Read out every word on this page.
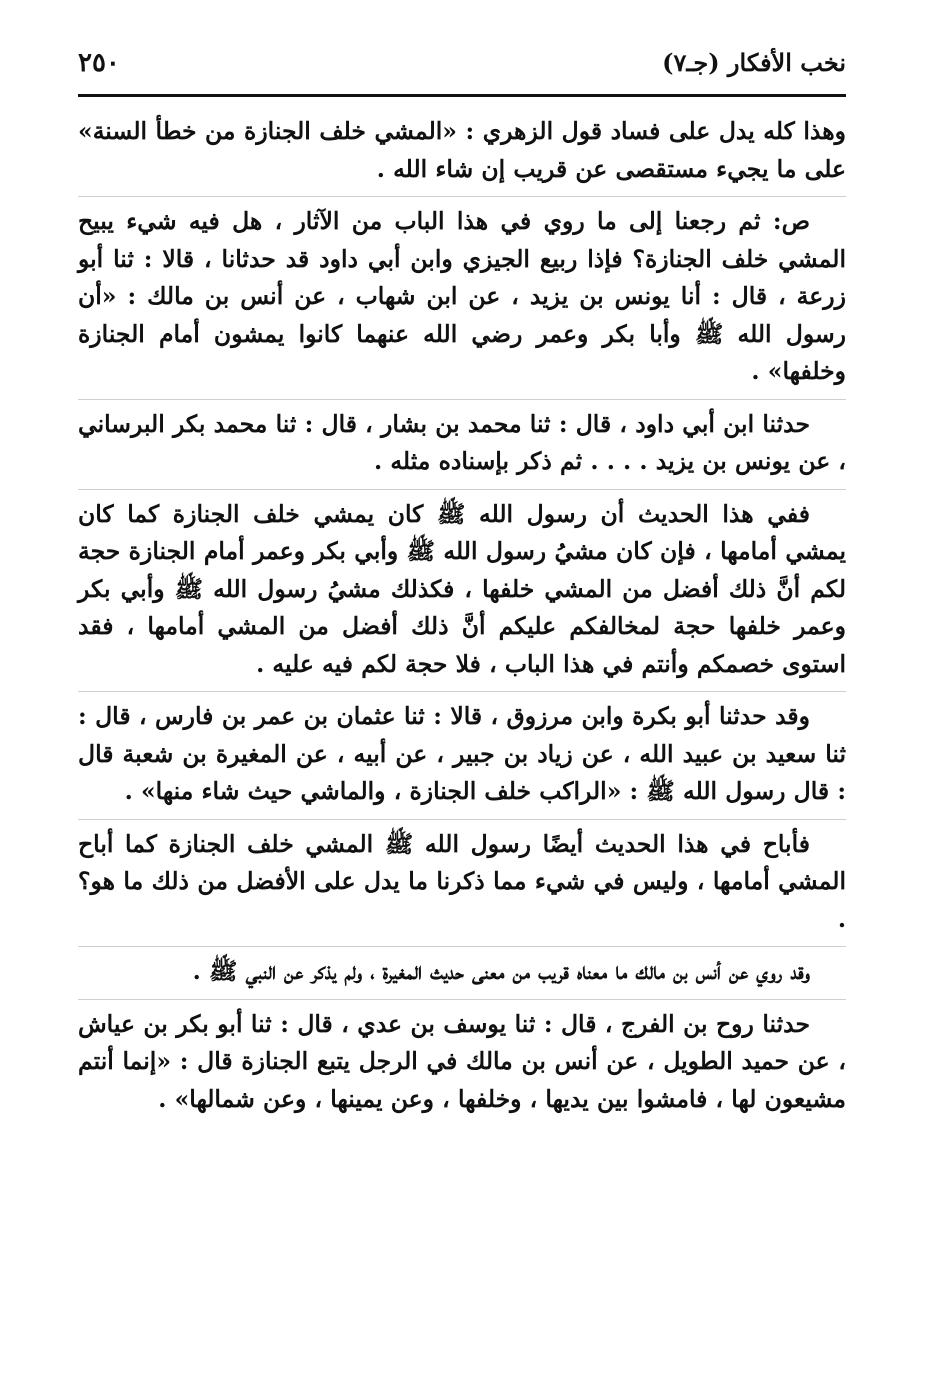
نخب الأفكار (جـ٧)
٢٥٠

وهذا كله يدل على فساد قول الزهري : «المشي خلف الجنازة من خطأ السنة» على ما يجيء مستقصى عن قريب إن شاء الله .

ص: ثم رجعنا إلى ما روي في هذا الباب من الآثار ، هل فيه شيء يبيح المشي خلف الجنازة؟ فإذا ربيع الجيزي وابن أبي داود قد حدثانا ، قالا : ثنا أبو زرعة ، قال : أنا يونس بن يزيد ، عن ابن شهاب ، عن أنس بن مالك : «أن رسول الله ﷺ وأبا بكر وعمر رضي الله عنهما كانوا يمشون أمام الجنازة وخلفها» .

حدثنا ابن أبي داود ، قال : ثنا محمد بن بشار ، قال : ثنا محمد بكر البرساني ، عن يونس بن يزيد . . . . ثم ذكر بإسناده مثله .

ففي هذا الحديث أن رسول الله ﷺ كان يمشي خلف الجنازة كما كان يمشي أمامها ، فإن كان مشيُ رسول الله ﷺ وأبي بكر وعمر أمام الجنازة حجة لكم أنَّ ذلك أفضل من المشي خلفها ، فكذلك مشيُ رسول الله ﷺ وأبي بكر وعمر خلفها حجة لمخالفكم عليكم أنَّ ذلك أفضل من المشي أمامها ، فقد استوى خصمكم وأنتم في هذا الباب ، فلا حجة لكم فيه عليه .

وقد حدثنا أبو بكرة وابن مرزوق ، قالا : ثنا عثمان بن عمر بن فارس ، قال : ثنا سعيد بن عبيد الله ، عن زياد بن جبير ، عن أبيه ، عن المغيرة بن شعبة قال : قال رسول الله ﷺ : «الراكب خلف الجنازة ، والماشي حيث شاء منها» .

فأباح في هذا الحديث أيضًا رسول الله ﷺ المشي خلف الجنازة كما أباح المشي أمامها ، وليس في شيء مما ذكرنا ما يدل على الأفضل من ذلك ما هو؟ .

وقد روي عن أنس بن مالك ما معناه قريب من معنى حديث المغيرة ، ولم يذكر عن النبي ﷺ .

حدثنا روح بن الفرج ، قال : ثنا يوسف بن عدي ، قال : ثنا أبو بكر بن عياش ، عن حميد الطويل ، عن أنس بن مالك في الرجل يتبع الجنازة قال : «إنما أنتم مشيعون لها ، فامشوا بين يديها ، وخلفها ، وعن يمينها ، وعن شمالها» .
